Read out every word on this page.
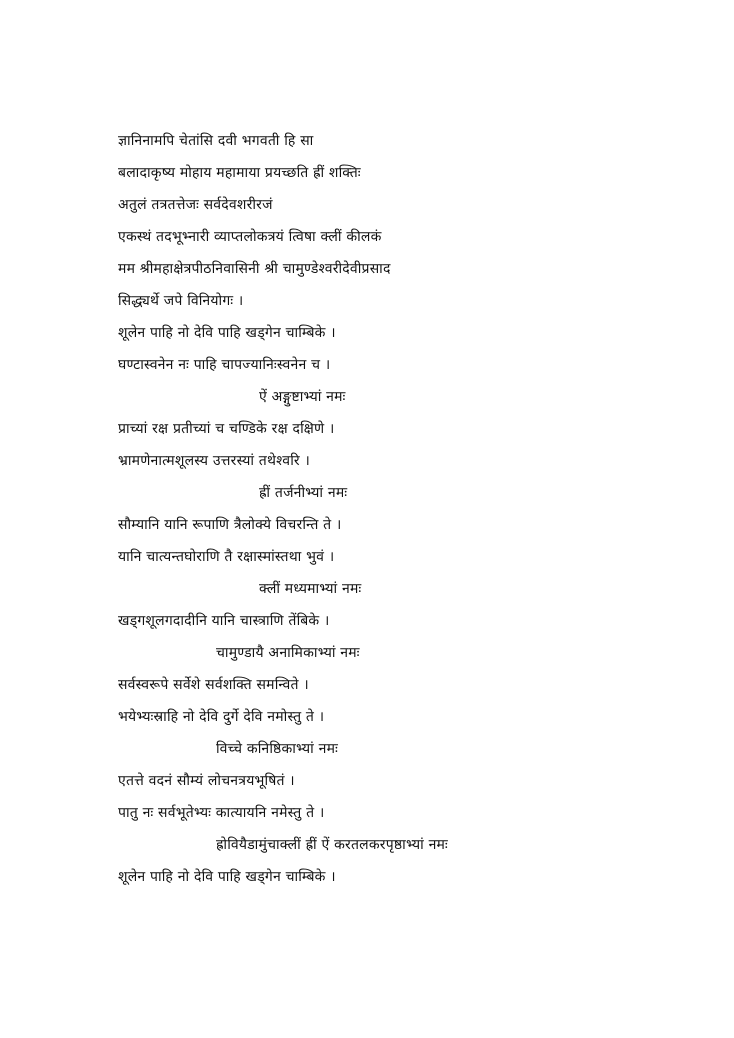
ज्ञानिनामपि चेतांसि दवी भगवती हि सा
बलादाकृष्य मोहाय महामाया प्रयच्छति ह्रीं शक्तिः
अतुलं तत्रतत्तेजः सर्वदेवशरीरजं
एकस्थं तदभूभ्नारी व्याप्तलोकत्रयं त्विषा क्लीं कीलकं
मम श्रीमहाक्षेत्रपीठनिवासिनी श्री चामुण्डेश्वरीदेवीप्रसाद
सिद्ध्यर्थे जपे विनियोगः ।
शूलेन पाहि नो देवि पाहि खड्गेन चाम्बिके ।
घण्टास्वनेन नः पाहि चापज्यानिःस्वनेन च ।
ऐं अङ्गुष्टाभ्यां नमः
प्राच्यां रक्ष प्रतीच्यां च चण्डिके रक्ष दक्षिणे ।
भ्रामणेनात्मशूलस्य उत्तरस्यां तथेश्वरि ।
ह्रीं तर्जनीभ्यां नमः
सौम्यानि यानि रूपाणि त्रैलोक्ये विचरन्ति ते ।
यानि चात्यन्तघोराणि तै रक्षास्मांस्तथा भुवं ।
क्लीं मध्यमाभ्यां नमः
खड्गशूलगदादीनि यानि चास्त्राणि तेंबिके ।
चामुण्डायै अनामिकाभ्यां नमः
सर्वस्वरूपे सर्वेशे सर्वशक्ति समन्विते ।
भयेभ्यःस्राहि नो देवि दुर्गे देवि नमोस्तु ते ।
विच्चे कनिष्ठिकाभ्यां नमः
एतत्ते वदनं सौम्यं लोचनत्रयभूषितं ।
पातु नः सर्वभूतेभ्यः कात्यायनि नमेस्तु ते ।
ह्रोवियैडामुंचाक्लीं ह्रीं ऐं करतलकरपृष्ठाभ्यां नमः
शूलेन पाहि नो देवि पाहि खड्गेन चाम्बिके ।
